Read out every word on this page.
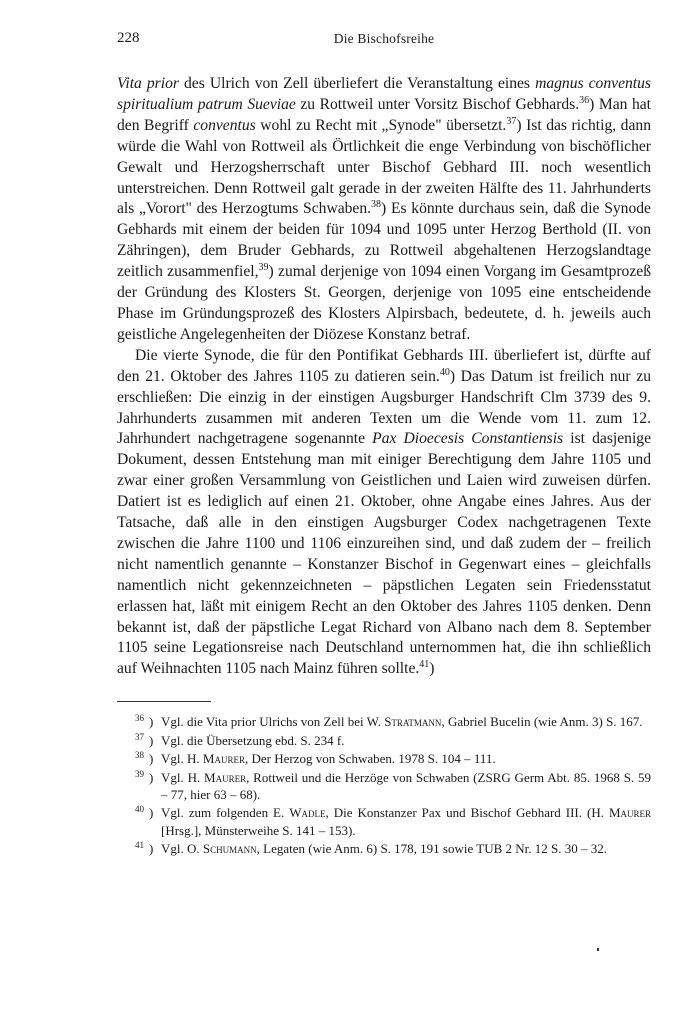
228	Die Bischofsreihe

Vita prior des Ulrich von Zell überliefert die Veranstaltung eines magnus conventus spiritualium patrum Sueviae zu Rottweil unter Vorsitz Bischof Gebhards.$^{36}$) Man hat den Begriff conventus wohl zu Recht mit „Synode" übersetzt.$^{37}$) Ist das richtig, dann würde die Wahl von Rottweil als Örtlichkeit die enge Verbindung von bischöflicher Gewalt und Herzogsherrschaft unter Bischof Gebhard III. noch wesentlich unterstreichen. Denn Rottweil galt gerade in der zweiten Hälfte des 11. Jahrhunderts als „Vorort" des Herzogtums Schwaben.$^{38}$) Es könnte durchaus sein, daß die Synode Gebhards mit einem der beiden für 1094 und 1095 unter Herzog Berthold (II. von Zähringen), dem Bruder Gebhards, zu Rottweil abgehaltenen Herzogslandtage zeitlich zusammenfiel,$^{39}$) zumal derjenige von 1094 einen Vorgang im Gesamtprozeß der Gründung des Klosters St. Georgen, derjenige von 1095 eine entscheidende Phase im Gründungsprozeß des Klosters Alpirsbach, bedeutete, d. h. jeweils auch geistliche Angelegenheiten der Diözese Konstanz betraf.

Die vierte Synode, die für den Pontifikat Gebhards III. überliefert ist, dürfte auf den 21. Oktober des Jahres 1105 zu datieren sein.$^{40}$) Das Datum ist freilich nur zu erschließen: Die einzig in der einstigen Augsburger Handschrift Clm 3739 des 9. Jahrhunderts zusammen mit anderen Texten um die Wende vom 11. zum 12. Jahrhundert nachgetragene sogenannte Pax Dioecesis Constantiensis ist dasjenige Dokument, dessen Entstehung man mit einiger Berechtigung dem Jahre 1105 und zwar einer großen Versammlung von Geistlichen und Laien wird zuweisen dürfen. Datiert ist es lediglich auf einen 21. Oktober, ohne Angabe eines Jahres. Aus der Tatsache, daß alle in den einstigen Augsburger Codex nachgetragenen Texte zwischen die Jahre 1100 und 1106 einzureihen sind, und daß zudem der – freilich nicht namentlich genannte – Konstanzer Bischof in Gegenwart eines – gleichfalls namentlich nicht gekennzeichneten – päpstlichen Legaten sein Friedensstatut erlassen hat, läßt mit einigem Recht an den Oktober des Jahres 1105 denken. Denn bekannt ist, daß der päpstliche Legat Richard von Albano nach dem 8. September 1105 seine Legationsreise nach Deutschland unternommen hat, die ihn schließlich auf Weihnachten 1105 nach Mainz führen sollte.$^{41}$)

36 ) Vgl. die Vita prior Ulrichs von Zell bei W. Stratmann, Gabriel Bucelin (wie Anm. 3) S. 167.
37 ) Vgl. die Übersetzung ebd. S. 234 f.
38 ) Vgl. H. Maurer, Der Herzog von Schwaben. 1978 S. 104 – 111.
39 ) Vgl. H. Maurer, Rottweil und die Herzöge von Schwaben (ZSRG Germ Abt. 85. 1968 S. 59 – 77, hier 63 – 68).
40 ) Vgl. zum folgenden E. Wadle, Die Konstanzer Pax und Bischof Gebhard III. (H. Maurer [Hrsg.], Münsterweihe S. 141 – 153).
41 ) Vgl. O. Schumann, Legaten (wie Anm. 6) S. 178, 191 sowie TUB 2 Nr. 12 S. 30 – 32.
